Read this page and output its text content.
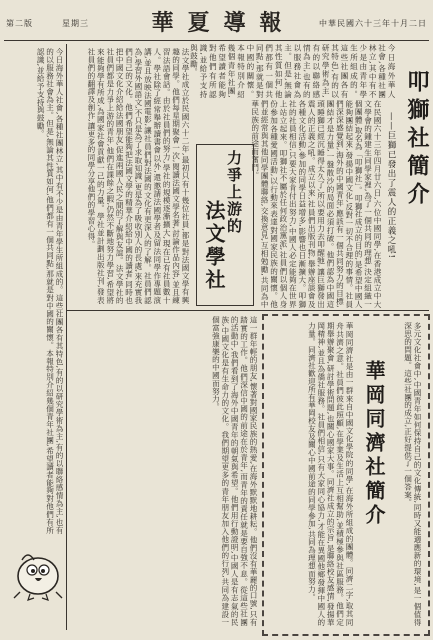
華夏導報	中華民國六十三年十月二日
第二版	星期三
叩獅社簡介
——巨獅已發出了震人的正義之吼!
在民國六十三年四月廿六日,六位中國同學,在香港成立中大文學會的鍾建生同學家裡,為了一個共同的理想,決定組織一個團體,取名為「叩獅社」。叩獅社成立的目的,是希望中國人能夠團結起來,發揚中國文化,反對一切不合理的事情。社員們深深感覺到,海外的中國青年,應該有一個共同努力的目標,團結才是力量,一盤散沙的局面必須打破。他們認為中國這頭睡獅已經沉睡得太久了,所以要用力去叩醒牠,讓巨獅發出震人的正義之吼。成立以來,社員們出版刊物,舉辦座談會及各種文化活動,參加的同學日益增多,影響也日漸擴大。叩獅社的社員相信,只要大家肯付出努力,中國人必定能夠在世界上站立起來。叩獅社不屬於任何政治黨派,社員們以個人身份參加各種愛國活動,以行動來表達對國家民族的關懷。他們並經常與其他同學團體聯絡,交換意見,互相勉勵,共同為中華民族的前途而奮鬥。
今日海外華人社會,各種社團林立,其中有不少是由青年學生所組成的。這些社團各有其特色,有的以研究學術為主,有的以聯絡感情為主,也有的以服務社會為主。但是,無論其性質如何,他們都有一個共同點,那就是對中國的關懷。本報特別介紹幾個青年社團,希望讀者能夠對他們有所認識,並給予支持與鼓勵。
華岡同濟社簡介
華岡同濟社是由一群來自中國文化學院的同學,在海外所組成的團體。同濟二字,取其同舟共濟之意。社員們彼此照顧,在學業及生活上互相幫助,並積極參與社區服務。他們定期舉辦聚會,研討學術問題,也關心國家大事。同濟社成立的宗旨,是聯絡校友感情,發揚華岡精神,並且為僑社服務。社員們相信,只有大家同心協力,才能在異國他鄉發揮中國人的力量。同濟社歡迎所有華岡校友及關心中國前途的同學參加,共同為理想而努力。	多元文化社會中,中國青年如何保持自己的文化傳統,同時又能適應新的環境,是一個值得深思的問題。這些社團的成立,正好提供了一個答案。
力爭上游的
法文學社
法文學社成立於民國六十二年,最初只有十幾位社員,都是對法國文學有興趣的同學。他們每星期聚會一次,閱讀法國文學名著,討論作品內容,並且練習法語會話。由於社員們的努力,學社的規模逐漸擴大,現在已有社員數十人。學社除了經常舉辦讀書會以外,還邀請法國學者及留法同學作專題演講,並且放映法國電影,讓社員們對法國的文化有更深入的了解。社員們認為,學習外國語文,不只是為了求取知識,更是為了吸收別人的長處,來充實我們自己的文化。他們希望能夠把法國文學的精華介紹給中國的讀者,同時也把中國文化介紹給法國朋友,促進兩國人民之間的了解與友誼。法文學社的社員們都是力爭上游的青年,他們在課餘之暇,仍然不斷地努力學習,希望將來能夠學有所成,為國家社會貢獻一己的力量。學社並計劃出版社刊,發表社員們的翻譯及創作,讓更多的同學分享他們的學習心得。
這一群年輕的朋友,懷著對國家民族的熱愛,在海外默默地耕耘。他們沒有華麗的口號,只有踏實的工作。他們深信中國的前途在於青年,而青年的責任就是要自強不息。從這些社團的活動中,我們看到了海外中國青年的朝氣與希望。他們用行動證明,中國人是有志氣的民族,中國文化是有生命力的文化。我們期望更多的青年朋友加入他們的行列,共同為建設一個富強康樂的中國而努力。
今日海外華人社會,各種社團林立,其中有不少是由青年學生所組成的。這些社團各有其特色,有的以研究學術為主,有的以聯絡感情為主,也有的以服務社會為主。但是,無論其性質如何,他們都有一個共同點,那就是對中國的關懷。本報特別介紹幾個青年社團,希望讀者能夠對他們有所認識,並給予支持與鼓勵。
